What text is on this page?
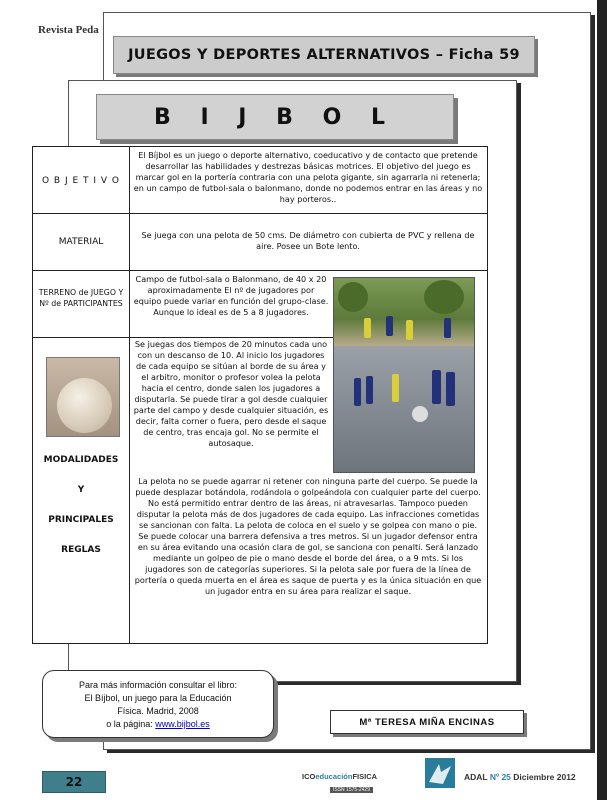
Revista Peda
JUEGOS Y DEPORTES ALTERNATIVOS – Ficha 59
B I J B O L
O B J E T I V O
El Bíjbol es un juego o deporte alternativo, coeducativo y de contacto que pretende desarrollar las habilidades y destrezas básicas motrices. El objetivo del juego es marcar gol en la portería contraria con una pelota gigante, sin agarrarla ni retenerla; en un campo de futbol-sala o balonmano, donde no podemos entrar en las áreas y no hay porteros..
MATERIAL
Se juega con una pelota de 50 cms. De diámetro con cubierta de PVC y rellena de aire. Posee un Bote lento.
TERRENO de JUEGO Y Nº de PARTICIPANTES
Campo de futbol-sala o Balonmano, de 40 x 20 aproximadamente El nº de jugadores por equipo puede variar en función del grupo-clase. Aunque lo ideal es de 5 a 8 jugadores.
MODALIDADES
Y
PRINCIPALES
REGLAS
Se juegas dos tiempos de 20 minutos cada uno con un descanso de 10. Al inicio los jugadores de cada equipo se sitúan al borde de su área y el arbitro, monitor o profesor volea la pelota hacia el centro, donde salen los jugadores a disputarla. Se puede tirar a gol desde cualquier parte del campo y desde cualquier situación, es decir, falta corner o fuera, pero desde el saque de centro, tras encaja gol. No se permite el autosaque.
La pelota no se puede agarrar ni retener con ninguna parte del cuerpo. Se puede la puede desplazar botándola, rodándola o golpeándola con cualquier parte del cuerpo. No está permitido entrar dentro de las áreas, ni atravesarlas. Tampoco pueden disputar la pelota más de dos jugadores de cada equipo. Las infracciones cometidas se sancionan con falta. La pelota de coloca en el suelo y se golpea con mano o pie. Se puede colocar una barrera defensiva a tres metros. Si un jugador defensor entra en su área evitando una ocasión clara de gol, se sanciona con penalti. Será lanzado mediante un golpeo de pie o mano desde el borde del área, o a 9 mts. Si los jugadores son de categorías superiores. Si la pelota sale por fuera de la línea de portería o queda muerta en el área es saque de puerta y es la única situación en que un jugador entra en su área para realizar el saque.
Para más información consultar el libro:
El Bíjbol, un juego para la Educación
Física. Madrid, 2008
o la página: www.bijbol.es	Mª TERESA MIÑA ENCINAS
22	ICOeducaciónFISICA
ISSN 1575-2429
ADAL Nº 25 Diciembre 2012
